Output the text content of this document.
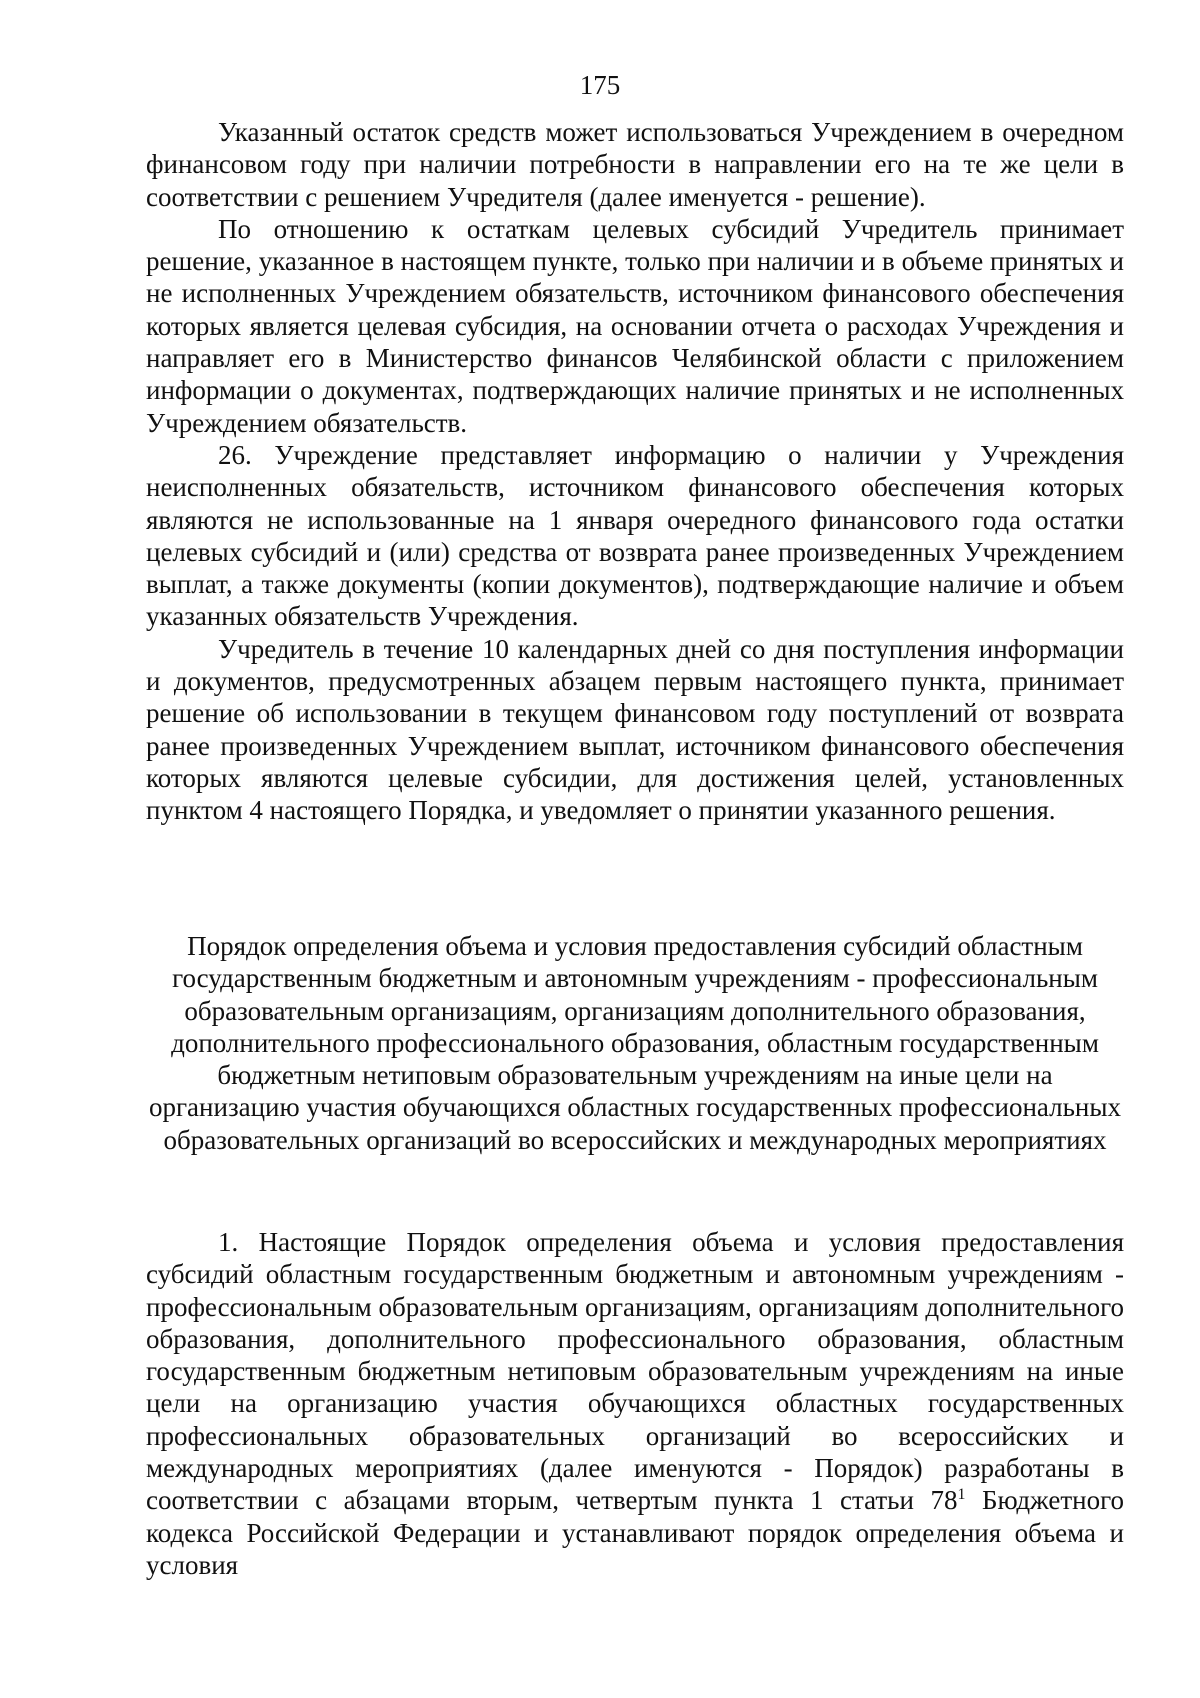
175

Указанный остаток средств может использоваться Учреждением в очередном финансовом году при наличии потребности в направлении его на те же цели в соответствии с решением Учредителя (далее именуется - решение).

По отношению к остаткам целевых субсидий Учредитель принимает решение, указанное в настоящем пункте, только при наличии и в объеме принятых и не исполненных Учреждением обязательств, источником финансового обеспечения которых является целевая субсидия, на основании отчета о расходах Учреждения и направляет его в Министерство финансов Челябинской области с приложением информации о документах, подтверждающих наличие принятых и не исполненных Учреждением обязательств.

26. Учреждение представляет информацию о наличии у Учреждения неисполненных обязательств, источником финансового обеспечения которых являются не использованные на 1 января очередного финансового года остатки целевых субсидий и (или) средства от возврата ранее произведенных Учреждением выплат, а также документы (копии документов), подтверждающие наличие и объем указанных обязательств Учреждения.

Учредитель в течение 10 календарных дней со дня поступления информации и документов, предусмотренных абзацем первым настоящего пункта, принимает решение об использовании в текущем финансовом году поступлений от возврата ранее произведенных Учреждением выплат, источником финансового обеспечения которых являются целевые субсидии, для достижения целей, установленных пунктом 4 настоящего Порядка, и уведомляет о принятии указанного решения.

Порядок определения объема и условия предоставления субсидий областным государственным бюджетным и автономным учреждениям - профессиональным образовательным организациям, организациям дополнительного образования, дополнительного профессионального образования, областным государственным бюджетным нетиповым образовательным учреждениям на иные цели на организацию участия обучающихся областных государственных профессиональных образовательных организаций во всероссийских и международных мероприятиях

1. Настоящие Порядок определения объема и условия предоставления субсидий областным государственным бюджетным и автономным учреждениям - профессиональным образовательным организациям, организациям дополнительного образования, дополнительного профессионального образования, областным государственным бюджетным нетиповым образовательным учреждениям на иные цели на организацию участия обучающихся областных государственных профессиональных образовательных организаций во всероссийских и международных мероприятиях (далее именуются - Порядок) разработаны в соответствии с абзацами вторым, четвертым пункта 1 статьи $78^1$ Бюджетного кодекса Российской Федерации и устанавливают порядок определения объема и условия
